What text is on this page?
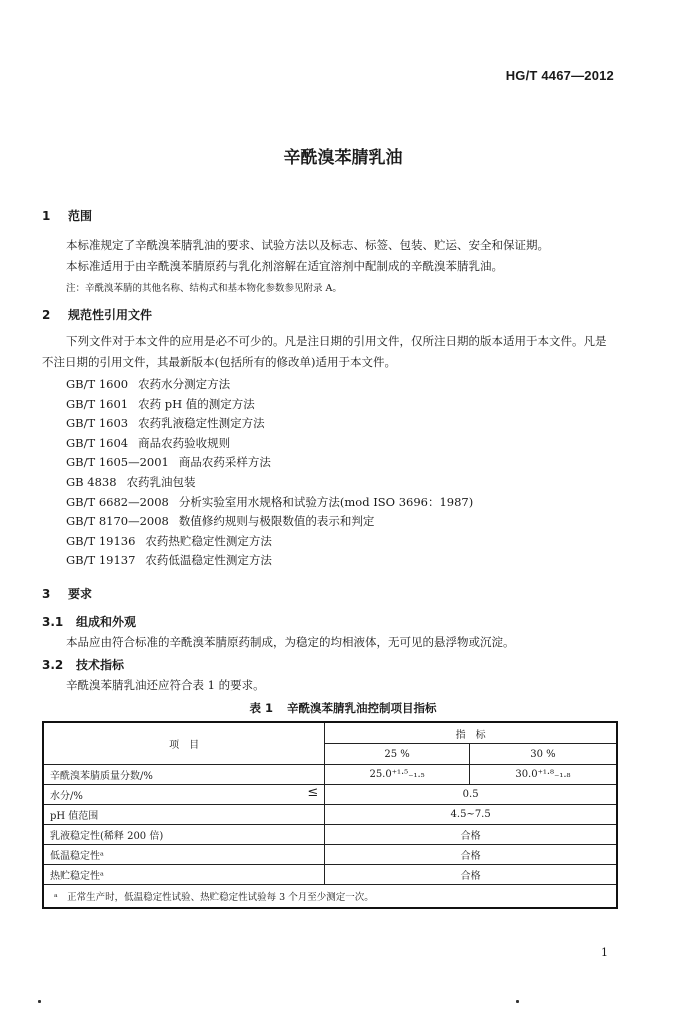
HG/T 4467—2012
辛酰溴苯腈乳油
1 范围
本标准规定了辛酰溴苯腈乳油的要求、试验方法以及标志、标签、包装、贮运、安全和保证期。
本标准适用于由辛酰溴苯腈原药与乳化剂溶解在适宜溶剂中配制成的辛酰溴苯腈乳油。
注：辛酰溴苯腈的其他名称、结构式和基本物化参数参见附录 A。
2 规范性引用文件
下列文件对于本文件的应用是必不可少的。凡是注日期的引用文件，仅所注日期的版本适用于本文件。凡是不注日期的引用文件，其最新版本(包括所有的修改单)适用于本文件。
GB/T 1600 农药水分测定方法
GB/T 1601 农药 pH 值的测定方法
GB/T 1603 农药乳液稳定性测定方法
GB/T 1604 商品农药验收规则
GB/T 1605—2001 商品农药采样方法
GB 4838 农药乳油包装
GB/T 6682—2008 分析实验室用水规格和试验方法(mod ISO 3696：1987)
GB/T 8170—2008 数值修约规则与极限数值的表示和判定
GB/T 19136 农药热贮稳定性测定方法
GB/T 19137 农药低温稳定性测定方法
3 要求
3.1 组成和外观
本品应由符合标准的辛酰溴苯腈原药制成，为稳定的均相液体，无可见的悬浮物或沉淀。
3.2 技术指标
辛酰溴苯腈乳油还应符合表 1 的要求。
表 1 辛酰溴苯腈乳油控制项目指标
项　目	指　标	
	25 %	30 %
辛酰溴苯腈质量分数/%	25.0⁺¹·⁵₋₁.₅	30.0⁺¹·⁸₋₁.₈
水分/% ≤	0.5	
pH 值范围	4.5~7.5	
乳液稳定性(稀释 200 倍)	合格	
低温稳定性ᵃ	合格	
热贮稳定性ᵃ	合格	
ᵃ　正常生产时，低温稳定性试验、热贮稳定性试验每 3 个月至少测定一次。		
1
